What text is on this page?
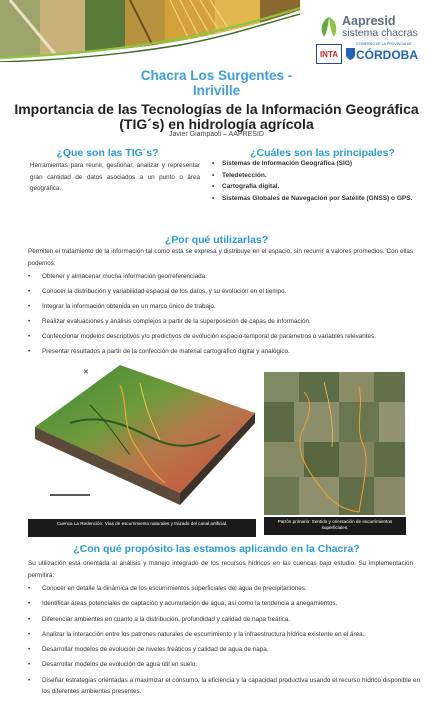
Aapresid
sistema chacras
INTA
GOBIERNO DE LA PROVINCIA DE
CÓRDOBA
Chacra Los Surgentes - Inriville
Importancia de las Tecnologías de la Información Geográfica (TIG´s) en hidrología agrícola
Javier Giampaoli – AAPRESID
¿Que son las TIG´s?
Herramientas para reunir, gestionar, analizar y representar gran cantidad de datos asociados a un punto o área geográfica.
¿Cuáles son las principales?
• Sistemas de Información Geográfica (SIG)
• Teledetección.
• Cartografía digital.
• Sistemas Globales de Navegación por Satélite (GNSS) o GPS.
¿Por qué utilizarlas?
Permiten el tratamiento de la información tal como esta se expresa y distribuye en el espacio, sin recurrir a valores promedios. Con ellas podemos:
• Obtener y almacenar mucha información georreferenciada.
• Conocer la distribución y variabilidad espacial de los datos, y su evolución en el tiempo.
• Integrar la información obtenida en un marco único de trabajo.
• Realizar evaluaciones y análisis complejos a partir de la superposición de capas de información.
• Confeccionar modelos descriptivos y/o predictivos de evolución espacio-temporal de parámetros o variables relevantes.
• Presentar resultados a partir de la confección de material cartográfico digital y analógico.
✕
Cuenca La Redención: Vías de escurrimiento naturales y trazado del canal artificial.	Patrón primario: Sentido y orientación de escurrimientos superficiales.
¿Con qué propósito las estamos aplicando en la Chacra?
Su utilización está orientada al análisis y manejo integrado de los recursos hídricos en las cuencas bajo estudio. Su implementación permitirá:
• Conocer en detalle la dinámica de los escurrimientos superficiales del agua de precipitaciones.
• Identificar áreas potenciales de captación y acumulación de agua, así como la tendencia a anegamientos.
• Diferenciar ambientes en cuanto a la distribución, profundidad y calidad de napa freática.
• Analizar la interacción entre los patrones naturales de escurrimiento y la infraestructura hídrica existente en el área.
• Desarrollar modelos de evolución de niveles freáticos y calidad de agua de napa.
• Desarrollar modelos de evolución de agua útil en suelo.
• Diseñar estrategias orientadas a maximizar el consumo, la eficiencia y la capacidad productiva usando el recurso hídrico disponible en los diferentes ambientes presentes.
